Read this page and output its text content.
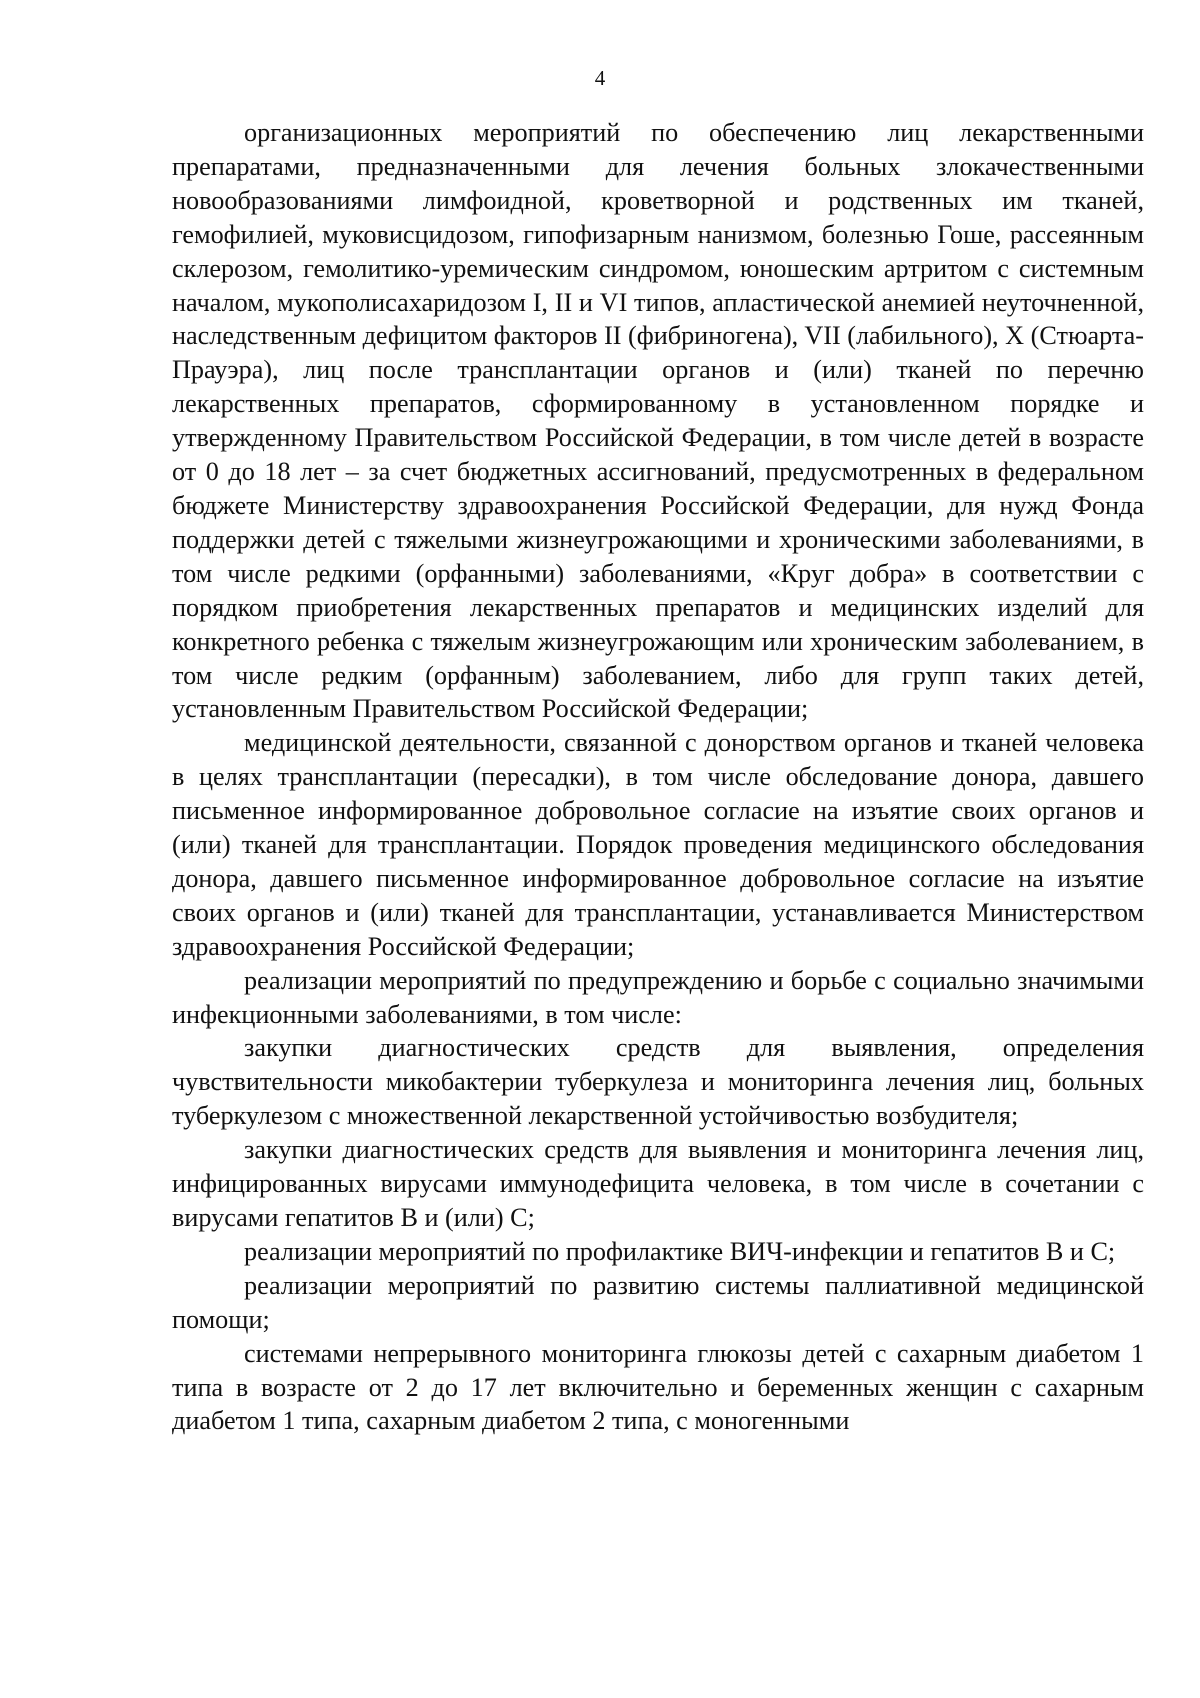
4

организационных мероприятий по обеспечению лиц лекарственными препаратами, предназначенными для лечения больных злокачественными новообразованиями лимфоидной, кроветворной и родственных им тканей, гемофилией, муковисцидозом, гипофизарным нанизмом, болезнью Гоше, рассеянным склерозом, гемолитико-уремическим синдромом, юношеским артритом с системным началом, мукополисахаридозом I, II и VI типов, апластической анемией неуточненной, наследственным дефицитом факторов II (фибриногена), VII (лабильного), X (Стюарта-Прауэра), лиц после трансплантации органов и (или) тканей по перечню лекарственных препаратов, сформированному в установленном порядке и утвержденному Правительством Российской Федерации, в том числе детей в возрасте от 0 до 18 лет – за счет бюджетных ассигнований, предусмотренных в федеральном бюджете Министерству здравоохранения Российской Федерации, для нужд Фонда поддержки детей с тяжелыми жизнеугрожающими и хроническими заболеваниями, в том числе редкими (орфанными) заболеваниями, «Круг добра» в соответствии с порядком приобретения лекарственных препаратов и медицинских изделий для конкретного ребенка с тяжелым жизнеугрожающим или хроническим заболеванием, в том числе редким (орфанным) заболеванием, либо для групп таких детей, установленным Правительством Российской Федерации;

медицинской деятельности, связанной с донорством органов и тканей человека в целях трансплантации (пересадки), в том числе обследование донора, давшего письменное информированное добровольное согласие на изъятие своих органов и (или) тканей для трансплантации. Порядок проведения медицинского обследования донора, давшего письменное информированное добровольное согласие на изъятие своих органов и (или) тканей для трансплантации, устанавливается Министерством здравоохранения Российской Федерации;

реализации мероприятий по предупреждению и борьбе с социально значимыми инфекционными заболеваниями, в том числе:

закупки диагностических средств для выявления, определения чувствительности микобактерии туберкулеза и мониторинга лечения лиц, больных туберкулезом с множественной лекарственной устойчивостью возбудителя;

закупки диагностических средств для выявления и мониторинга лечения лиц, инфицированных вирусами иммунодефицита человека, в том числе в сочетании с вирусами гепатитов B и (или) C;

реализации мероприятий по профилактике ВИЧ-инфекции и гепатитов B и C;

реализации мероприятий по развитию системы паллиативной медицинской помощи;

системами непрерывного мониторинга глюкозы детей с сахарным диабетом 1 типа в возрасте от 2 до 17 лет включительно и беременных женщин с сахарным диабетом 1 типа, сахарным диабетом 2 типа, с моногенными
